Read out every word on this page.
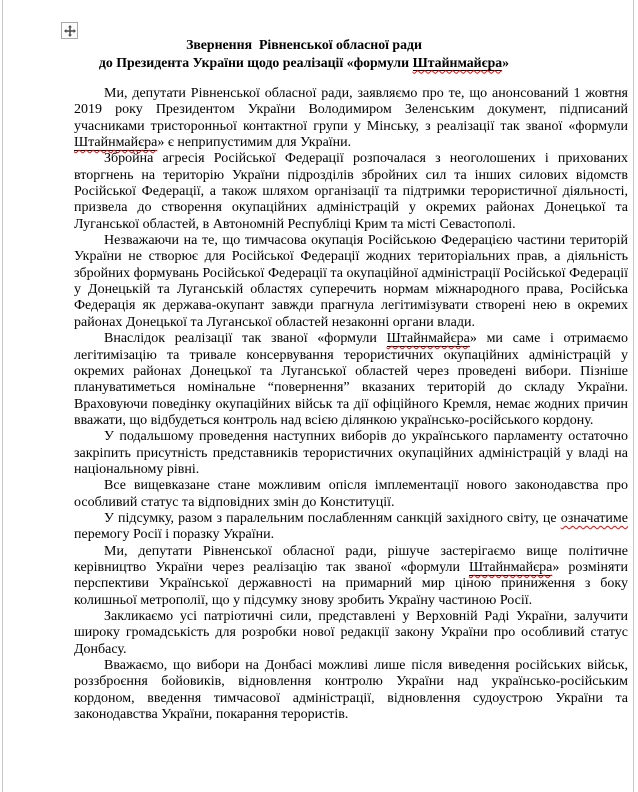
Звернення  Рівненської обласної ради
до Президента України щодо реалізації «формули Штайнмайєра»

Ми, депутати Рівненської обласної ради, заявляємо про те, що анонсований 1 жовтня 2019 року Президентом України Володимиром Зеленським документ, підписаний учасниками тристоронньої контактної групи у Мінську, з реалізації так званої «формули Штайнмайєра» є неприпустимим для України.

Збройна агресія Російської Федерації розпочалася з неоголошених і прихованих вторгнень на територію України підрозділів збройних сил та інших силових відомств Російської Федерації, а також шляхом організації та підтримки терористичної діяльності, призвела до створення окупаційних адміністрацій у окремих районах Донецької та Луганської областей, в Автономній Республіці Крим та місті Севастополі.

Незважаючи на те, що тимчасова окупація Російською Федерацією частини територій України не створює для Російської Федерації жодних територіальних прав, а діяльність збройних формувань Російської Федерації та окупаційної адміністрації Російської Федерації у Донецькій та Луганській областях суперечить нормам міжнародного права, Російська Федерація як держава-окупант завжди прагнула легітимізувати створені нею в окремих районах Донецької та Луганської областей незаконні органи влади.

Внаслідок реалізації так званої «формули Штайнмайєра» ми саме і отримаємо легітимізацію та тривале консервування терористичних окупаційних адміністрацій у окремих районах Донецької та Луганської областей через проведені вибори. Пізніше плануватиметься номінальне “повернення” вказаних територій до складу України. Враховуючи поведінку окупаційних військ та дії офіційного Кремля, немає жодних причин вважати, що відбудеться контроль над всією ділянкою українсько-російського кордону.

У подальшому проведення наступних виборів до українського парламенту остаточно закріпить присутність представників терористичних окупаційних адміністрацій у владі на національному рівні.

Все вищевказане стане можливим опісля імплементації нового законодавства про особливий статус та відповідних змін до Конституції.

У підсумку, разом з паралельним послабленням санкцій західного світу, це означатиме перемогу Росії і поразку України.

Ми, депутати Рівненської обласної ради, рішуче застерігаємо вище політичне керівництво України через реалізацію так званої «формули Штайнмайєра» розміняти перспективи Української державності на примарний мир ціною приниження з боку колишньої метрополії, що у підсумку знову зробить Україну частиною Росії.

Закликаємо усі патріотичні сили, представлені у Верховній Раді України, залучити широку громадськість для розробки нової редакції закону України про особливий статус Донбасу.

Вважаємо, що вибори на Донбасі можливі лише після виведення російських військ, роззброєння бойовиків, відновлення контролю України над українсько-російським кордоном, введення тимчасової адміністрації, відновлення судоустрою України та законодавства України, покарання терористів.
